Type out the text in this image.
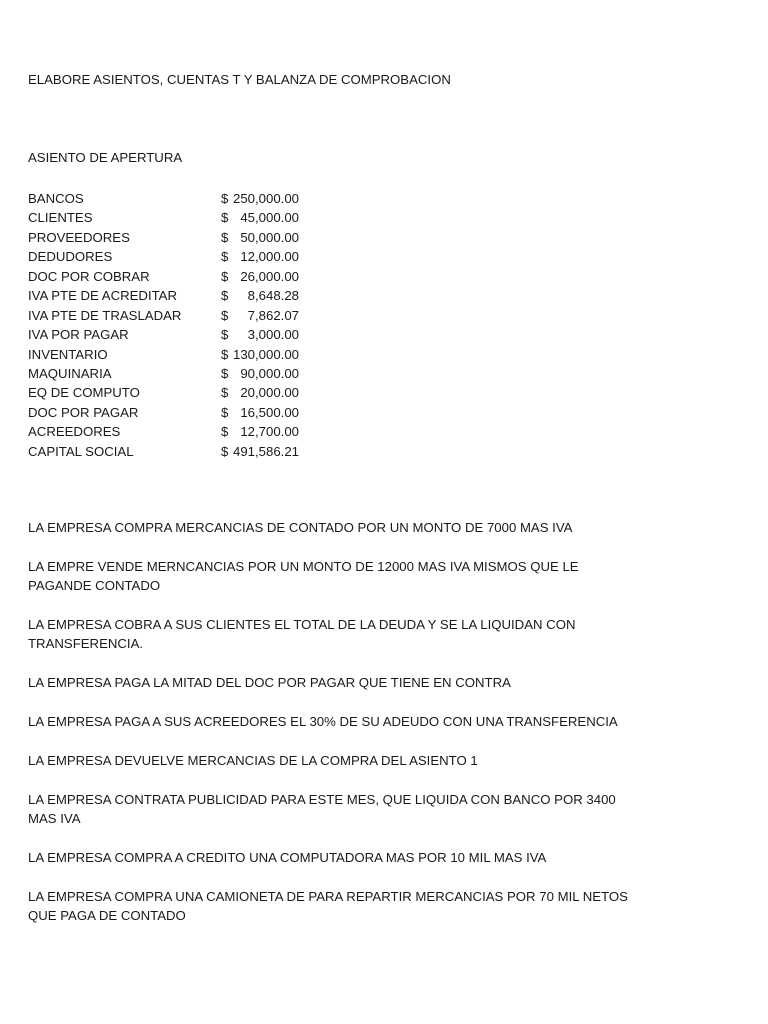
ELABORE ASIENTOS, CUENTAS T Y BALANZA DE COMPROBACION
ASIENTO DE APERTURA
BANCOS	$ 250,000.00
CLIENTES	$ 45,000.00
PROVEEDORES	$ 50,000.00
DEDUDORES	$ 12,000.00
DOC POR COBRAR	$ 26,000.00
IVA PTE DE ACREDITAR	$	8,648.28
IVA PTE DE TRASLADAR	$	7,862.07
IVA POR PAGAR	$	3,000.00
INVENTARIO	$ 130,000.00
MAQUINARIA	$ 90,000.00
EQ DE COMPUTO	$ 20,000.00
DOC POR PAGAR	$ 16,500.00
ACREEDORES	$ 12,700.00
CAPITAL SOCIAL	$ 491,586.21

LA EMPRESA COMPRA MERCANCIAS DE CONTADO POR UN MONTO DE 7000 MAS IVA

LA EMPRE VENDE MERNCANCIAS POR UN MONTO DE 12000 MAS IVA MISMOS QUE LE PAGANDE CONTADO

LA EMPRESA COBRA A SUS CLIENTES EL TOTAL DE LA DEUDA Y SE LA LIQUIDAN CON TRANSFERENCIA.

LA EMPRESA PAGA LA MITAD DEL DOC POR PAGAR QUE TIENE EN CONTRA

LA EMPRESA PAGA A SUS ACREEDORES EL 30% DE SU ADEUDO CON UNA TRANSFERENCIA

LA EMPRESA DEVUELVE MERCANCIAS DE LA COMPRA DEL ASIENTO 1

LA EMPRESA CONTRATA PUBLICIDAD PARA ESTE MES, QUE LIQUIDA CON BANCO POR 3400 MAS IVA

LA EMPRESA COMPRA A CREDITO UNA COMPUTADORA MAS POR 10 MIL MAS IVA

LA EMPRESA COMPRA UNA CAMIONETA DE PARA REPARTIR MERCANCIAS POR 70 MIL NETOS QUE PAGA DE CONTADO
